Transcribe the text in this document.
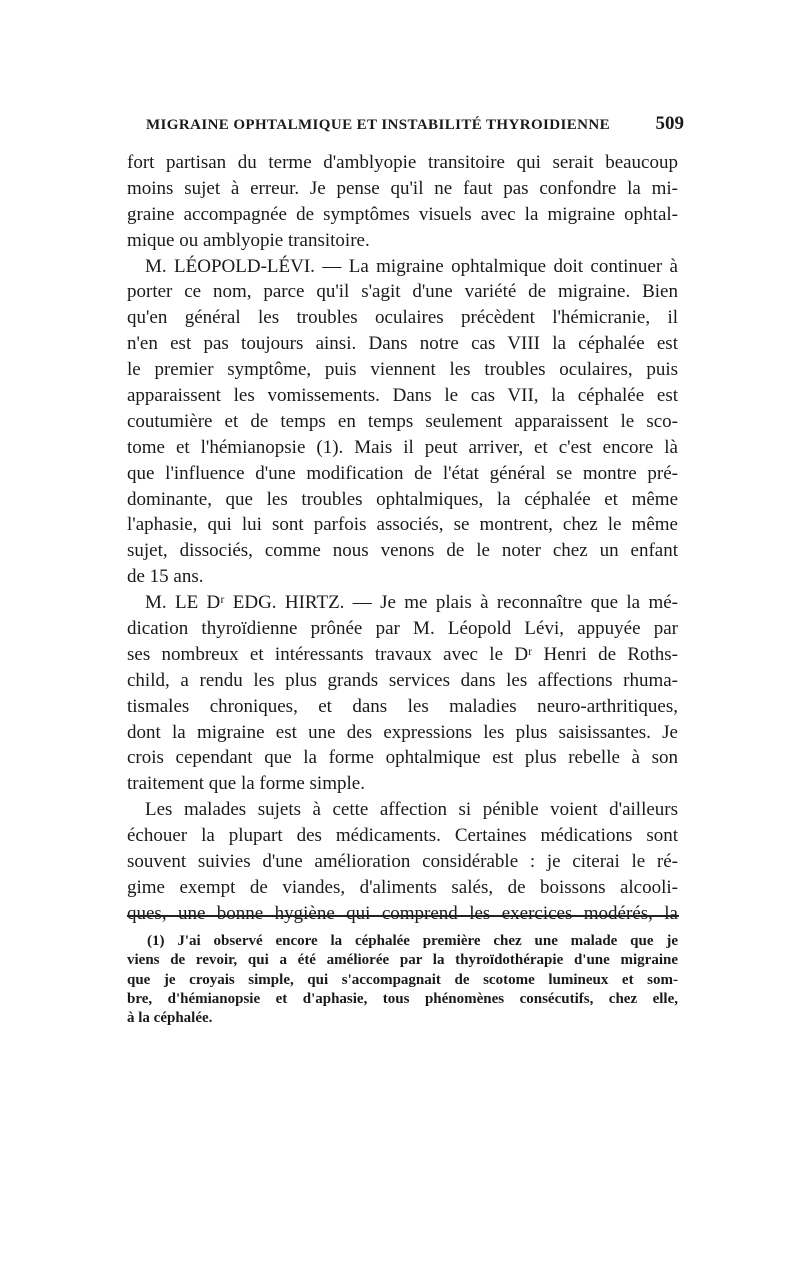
MIGRAINE OPHTALMIQUE ET INSTABILITÉ THYROIDIENNE 509
fort partisan du terme d'amblyopie transitoire qui serait beaucoup
moins sujet à erreur. Je pense qu'il ne faut pas confondre la mi-
graine accompagnée de symptômes visuels avec la migraine ophtal-
mique ou amblyopie transitoire.
M. LÉOPOLD-LÉVI. — La migraine ophtalmique doit continuer à
porter ce nom, parce qu'il s'agit d'une variété de migraine. Bien
qu'en général les troubles oculaires précèdent l'hémicranie, il
n'en est pas toujours ainsi. Dans notre cas VIII la céphalée est
le premier symptôme, puis viennent les troubles oculaires, puis
apparaissent les vomissements. Dans le cas VII, la céphalée est
coutumière et de temps en temps seulement apparaissent le sco-
tome et l'hémianopsie (1). Mais il peut arriver, et c'est encore là
que l'influence d'une modification de l'état général se montre pré-
dominante, que les troubles ophtalmiques, la céphalée et même
l'aphasie, qui lui sont parfois associés, se montrent, chez le même
sujet, dissociés, comme nous venons de le noter chez un enfant
de 15 ans.
M. LE Dʳ EDG. HIRTZ. — Je me plais à reconnaître que la mé-
dication thyroïdienne prônée par M. Léopold Lévi, appuyée par
ses nombreux et intéressants travaux avec le Dʳ Henri de Roths-
child, a rendu les plus grands services dans les affections rhuma-
tismales chroniques, et dans les maladies neuro-arthritiques,
dont la migraine est une des expressions les plus saisissantes. Je
crois cependant que la forme ophtalmique est plus rebelle à son
traitement que la forme simple.
Les malades sujets à cette affection si pénible voient d'ailleurs
échouer la plupart des médicaments. Certaines médications sont
souvent suivies d'une amélioration considérable : je citerai le ré-
gime exempt de viandes, d'aliments salés, de boissons alcooli-
ques, une bonne hygiène qui comprend les exercices modérés, la
(1) J'ai observé encore la céphalée première chez une malade que je
viens de revoir, qui a été améliorée par la thyroïdothérapie d'une migraine
que je croyais simple, qui s'accompagnait de scotome lumineux et som-
bre, d'hémianopsie et d'aphasie, tous phénomènes consécutifs, chez elle,
à la céphalée.
